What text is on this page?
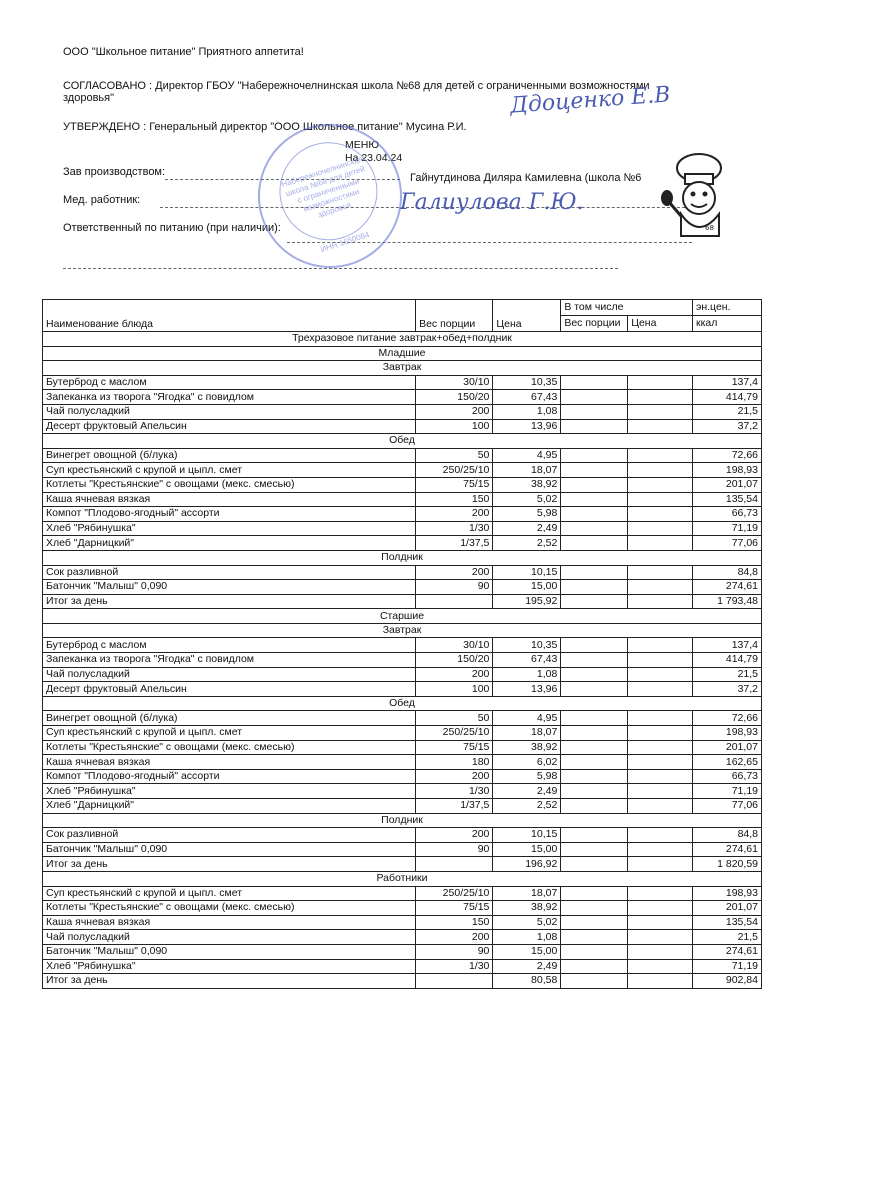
ООО "Школьное питание" Приятного аппетита!
СОГЛАСОВАНО : Директор ГБОУ "Набережночелнинская школа №68 для детей с ограниченными возможностями
здоровья"	Ддоценко Е.В
УТВЕРЖДЕНО : Генеральный директор "ООО Школьное питание" Мусина Р.И.
МЕНЮ
На 23.04.24
Зав производством:	Гайнутдинова Диляра Камилевна (школа №6
Мед. работник:	Галиулова Г.Ю.
Ответственный по питанию (при наличии):
Набережночелнинская школа №68 для детей с ограниченными возможностями здоровья
ИНН 1650084
68
Наименование блюда	Вес порции	Цена	В том числе		эн.цен.
			Вес порции	Цена	ккал
Трехразовое питание завтрак+обед+полдник					
Младшие					
Завтрак					
Бутерброд с маслом	30/10	10,35			137,4
Запеканка из творога "Ягодка" с повидлом	150/20	67,43			414,79
Чай полусладкий	200	1,08			21,5
Десерт фруктовый Апельсин	100	13,96			37,2
Обед					
Винегрет овощной (б/лука)	50	4,95			72,66
Суп крестьянский с крупой и цыпл. смет	250/25/10	18,07			198,93
Котлеты "Крестьянские" с овощами (мекс. смесью)	75/15	38,92			201,07
Каша ячневая вязкая	150	5,02			135,54
Компот "Плодово-ягодный" ассорти	200	5,98			66,73
Хлеб "Рябинушка"	1/30	2,49			71,19
Хлеб "Дарницкий"	1/37,5	2,52			77,06
Полдник					
Сок разливной	200	10,15			84,8
Батончик "Малыш" 0,090	90	15,00			274,61
Итог за день		195,92			1 793,48
Старшие					
Завтрак					
Бутерброд с маслом	30/10	10,35			137,4
Запеканка из творога "Ягодка" с повидлом	150/20	67,43			414,79
Чай полусладкий	200	1,08			21,5
Десерт фруктовый Апельсин	100	13,96			37,2
Обед					
Винегрет овощной (б/лука)	50	4,95			72,66
Суп крестьянский с крупой и цыпл. смет	250/25/10	18,07			198,93
Котлеты "Крестьянские" с овощами (мекс. смесью)	75/15	38,92			201,07
Каша ячневая вязкая	180	6,02			162,65
Компот "Плодово-ягодный" ассорти	200	5,98			66,73
Хлеб "Рябинушка"	1/30	2,49			71,19
Хлеб "Дарницкий"	1/37,5	2,52			77,06
Полдник					
Сок разливной	200	10,15			84,8
Батончик "Малыш" 0,090	90	15,00			274,61
Итог за день		196,92			1 820,59
Работники					
Суп крестьянский с крупой и цыпл. смет	250/25/10	18,07			198,93
Котлеты "Крестьянские" с овощами (мекс. смесью)	75/15	38,92			201,07
Каша ячневая вязкая	150	5,02			135,54
Чай полусладкий	200	1,08			21,5
Батончик "Малыш" 0,090	90	15,00			274,61
Хлеб "Рябинушка"	1/30	2,49			71,19
Итог за день		80,58			902,84
